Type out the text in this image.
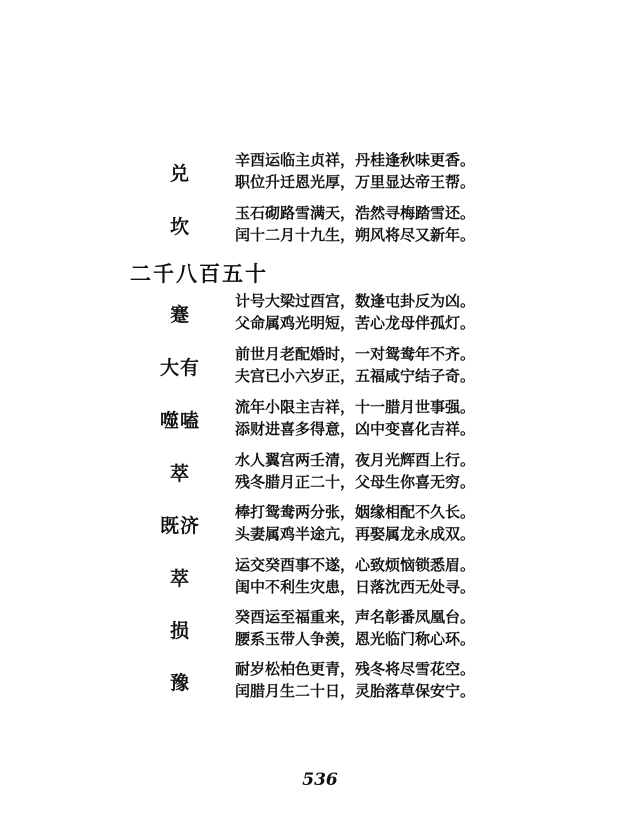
兑
辛酉运临主贞祥，丹桂逢秋味更香。
职位升迁恩光厚，万里显达帝王帮。
坎
玉石砌路雪满天，浩然寻梅踏雪还。
闰十二月十九生，朔风将尽又新年。
二千八百五十
蹇
计号大梁过酉宫，数逢屯卦反为凶。
父命属鸡光明短，苦心龙母伴孤灯。
大有
前世月老配婚时，一对鸳鸯年不齐。
夫宫已小六岁正，五福咸宁结子奇。
噬嗑
流年小限主吉祥，十一腊月世事强。
添财进喜多得意，凶中变喜化吉祥。
萃
水人翼宫两壬清，夜月光辉酉上行。
残冬腊月正二十，父母生你喜无穷。
既济
棒打鸳鸯两分张，姻缘相配不久长。
头妻属鸡半途亢，再娶属龙永成双。
萃
运交癸酉事不遂，心致烦恼锁悉眉。
闺中不利生灾患，日落沈西无处寻。
损
癸酉运至福重来，声名彰番凤凰台。
腰系玉带人争羡，恩光临门称心环。
豫
耐岁松柏色更青，残冬将尽雪花空。
闰腊月生二十日，灵胎落草保安宁。
536
